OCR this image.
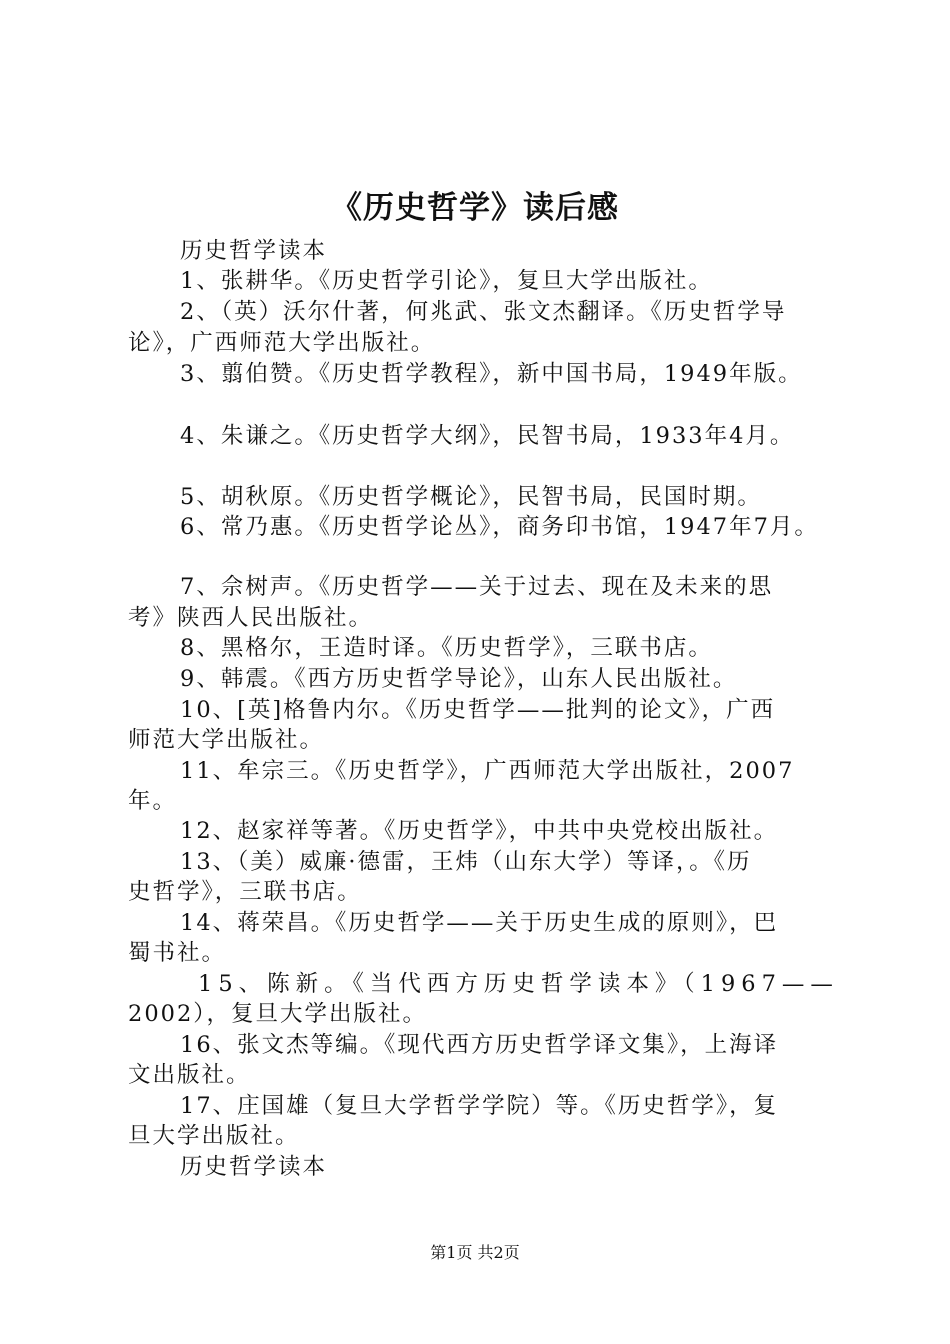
《历史哲学》读后感
历史哲学读本
1、张耕华。《历史哲学引论》，复旦大学出版社。
2、（英）沃尔什著，何兆武、张文杰翻译。《历史哲学导
论》，广西师范大学出版社。
3、翦伯赞。《历史哲学教程》，新中国书局，1949年版。
4、朱谦之。《历史哲学大纲》，民智书局，1933年4月。
5、胡秋原。《历史哲学概论》，民智书局，民国时期。
6、常乃惠。《历史哲学论丛》，商务印书馆，1947年7月。
7、佘树声。《历史哲学——关于过去、现在及未来的思
考》陕西人民出版社。
8、黑格尔，王造时译。《历史哲学》，三联书店。
9、韩震。《西方历史哲学导论》，山东人民出版社。
10、[英]格鲁内尔。《历史哲学——批判的论文》，广西
师范大学出版社。
11、牟宗三。《历史哲学》，广西师范大学出版社，2007
年。
12、赵家祥等著。《历史哲学》，中共中央党校出版社。
13、（美）威廉·德雷，王炜（山东大学）等译，。《历
史哲学》，三联书店。
14、蒋荣昌。《历史哲学——关于历史生成的原则》，巴
蜀书社。
15、陈新。《当代西方历史哲学读本》（1967——
2002），复旦大学出版社。
16、张文杰等编。《现代西方历史哲学译文集》，上海译
文出版社。
17、庄国雄（复旦大学哲学学院）等。《历史哲学》，复
旦大学出版社。
历史哲学读本
第1页 共2页
